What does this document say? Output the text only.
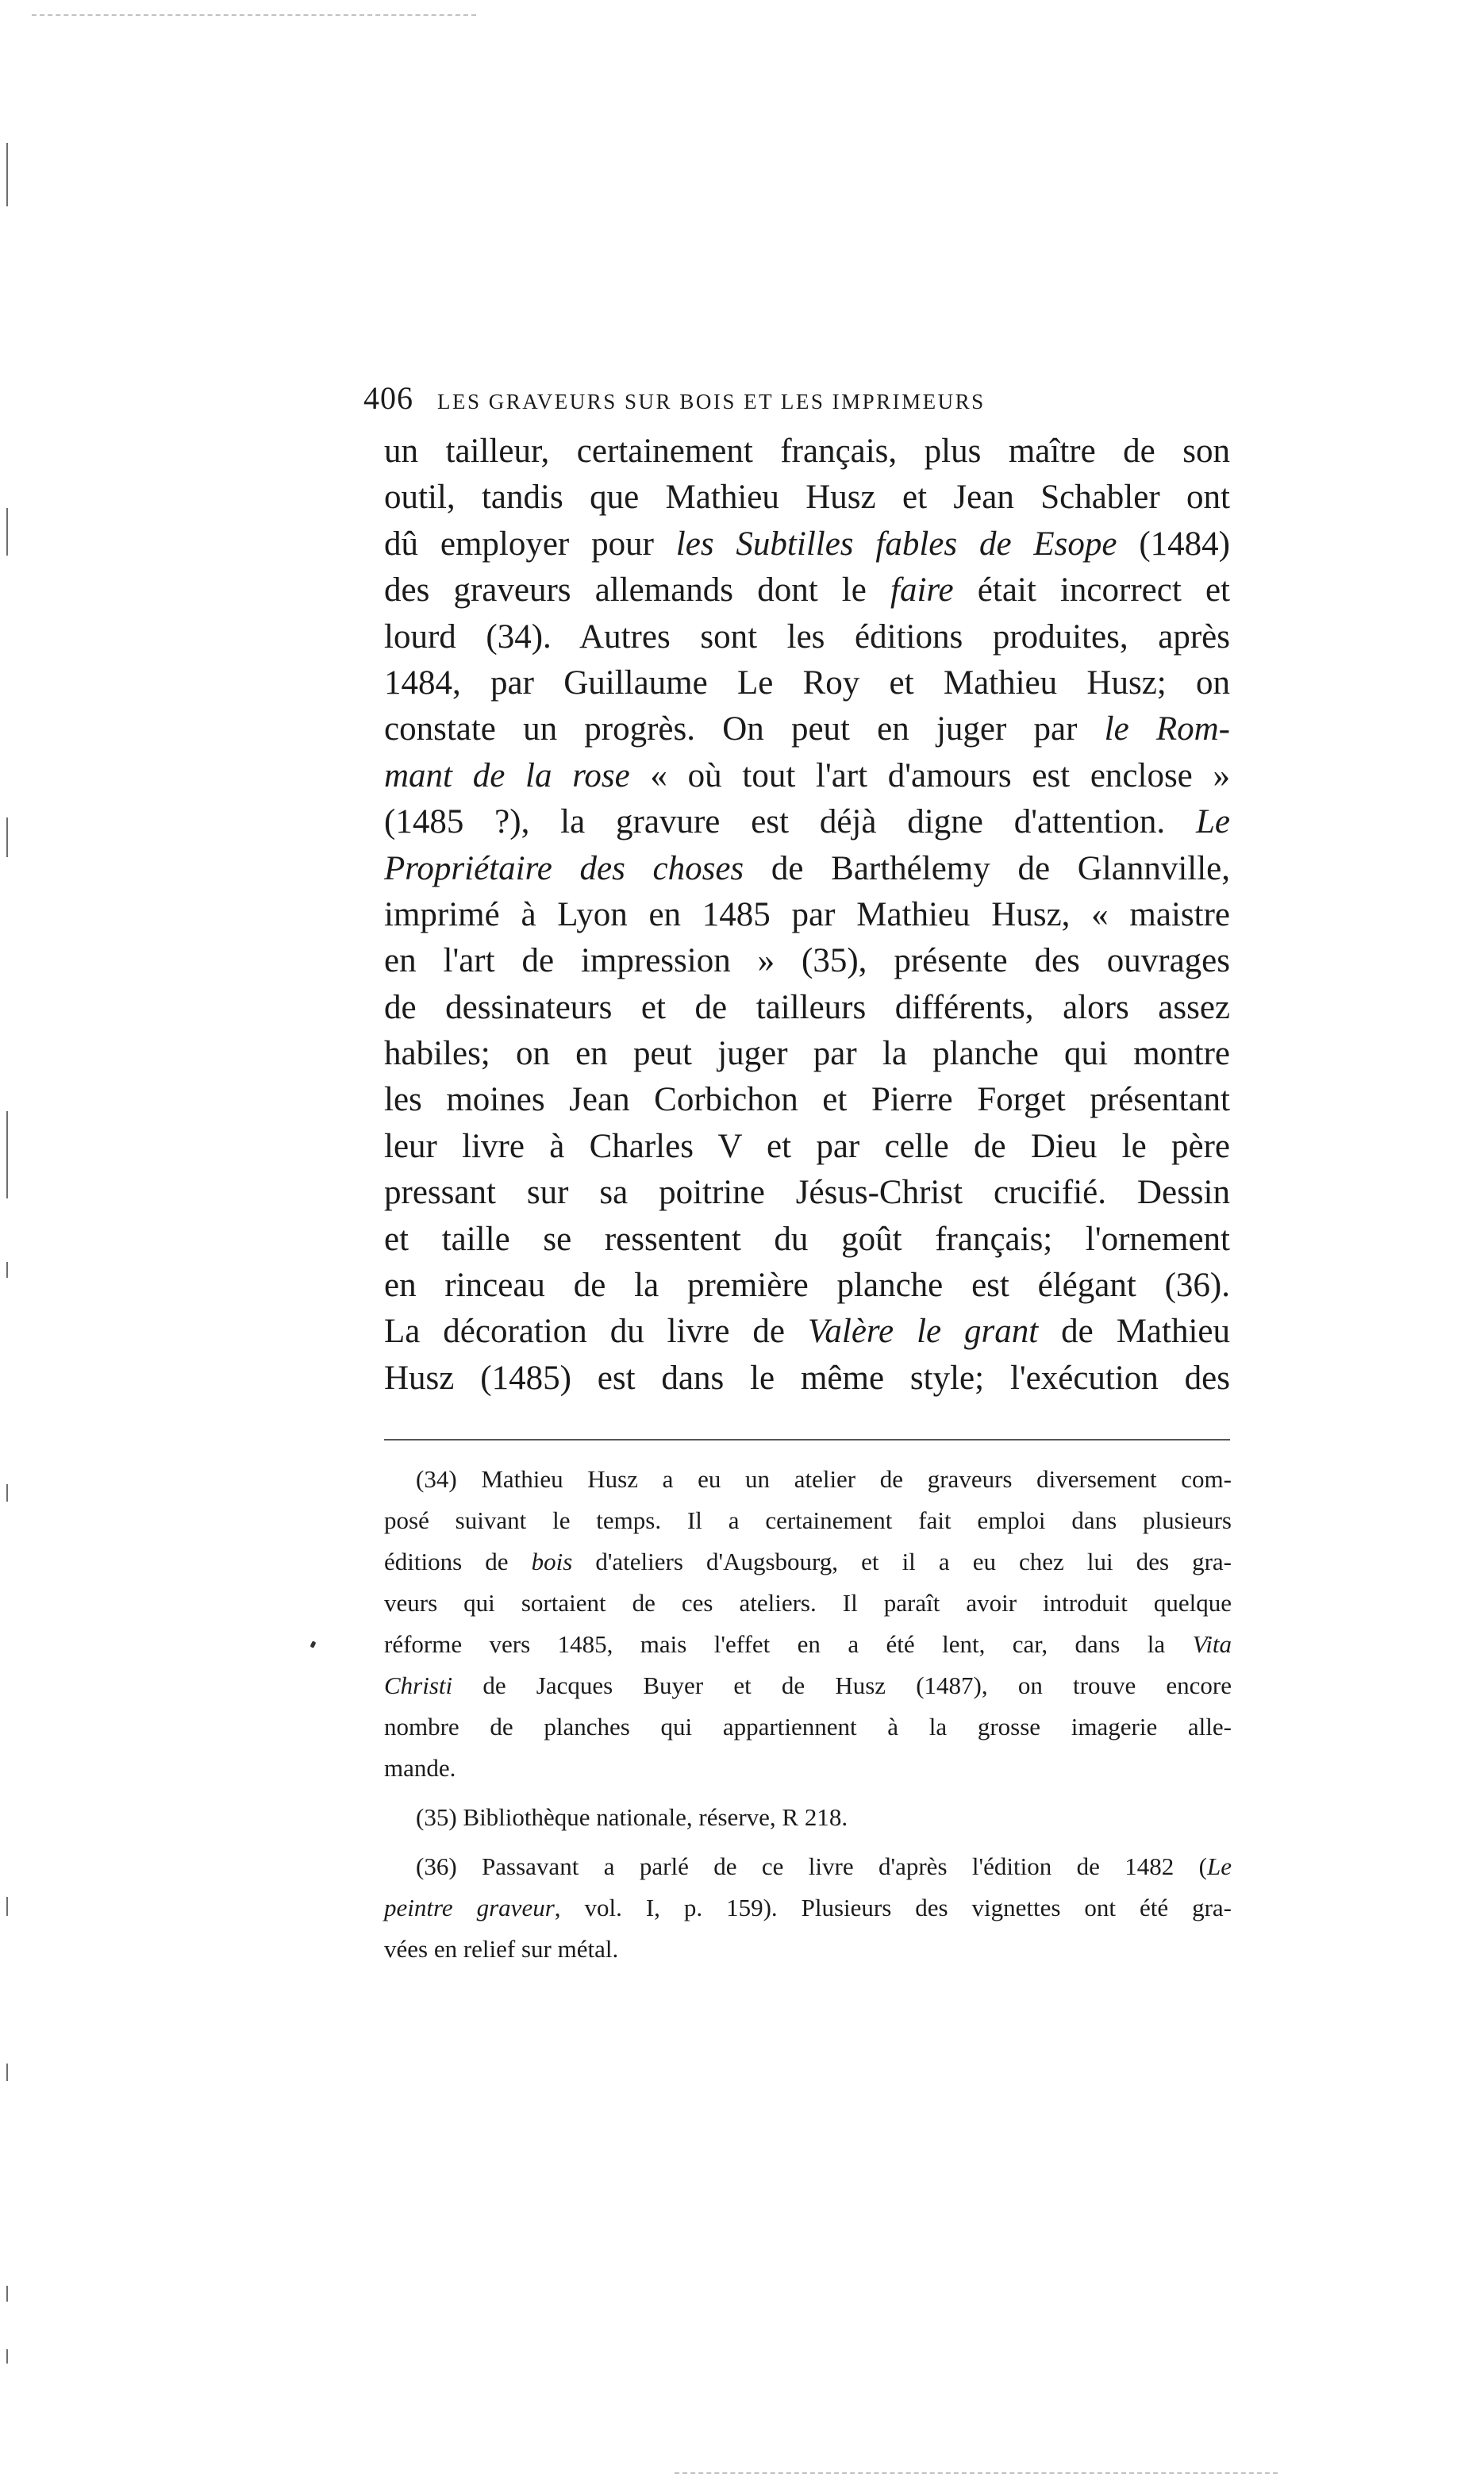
406 LES GRAVEURS SUR BOIS ET LES IMPRIMEURS
un tailleur, certainement français, plus maître de son
outil, tandis que Mathieu Husz et Jean Schabler ont
dû employer pour les Subtilles fables de Esope (1484)
des graveurs allemands dont le faire était incorrect et
lourd (34). Autres sont les éditions produites, après
1484, par Guillaume Le Roy et Mathieu Husz; on
constate un progrès. On peut en juger par le Rom-
mant de la rose « où tout l'art d'amours est enclose »
(1485 ?), la gravure est déjà digne d'attention. Le
Propriétaire des choses de Barthélemy de Glannville,
imprimé à Lyon en 1485 par Mathieu Husz, « maistre
en l'art de impression » (35), présente des ouvrages
de dessinateurs et de tailleurs différents, alors assez
habiles; on en peut juger par la planche qui montre
les moines Jean Corbichon et Pierre Forget présentant
leur livre à Charles V et par celle de Dieu le père
pressant sur sa poitrine Jésus-Christ crucifié. Dessin
et taille se ressentent du goût français; l'ornement
en rinceau de la première planche est élégant (36).
La décoration du livre de Valère le grant de Mathieu
Husz (1485) est dans le même style; l'exécution des
(34) Mathieu Husz a eu un atelier de graveurs diversement com-
posé suivant le temps. Il a certainement fait emploi dans plusieurs
éditions de bois d'ateliers d'Augsbourg, et il a eu chez lui des gra-
veurs qui sortaient de ces ateliers. Il paraît avoir introduit quelque
réforme vers 1485, mais l'effet en a été lent, car, dans la Vita
Christi de Jacques Buyer et de Husz (1487), on trouve encore
nombre de planches qui appartiennent à la grosse imagerie alle-
mande.
(35) Bibliothèque nationale, réserve, R 218.
(36) Passavant a parlé de ce livre d'après l'édition de 1482 (Le
peintre graveur, vol. I, p. 159). Plusieurs des vignettes ont été gra-
vées en relief sur métal.
